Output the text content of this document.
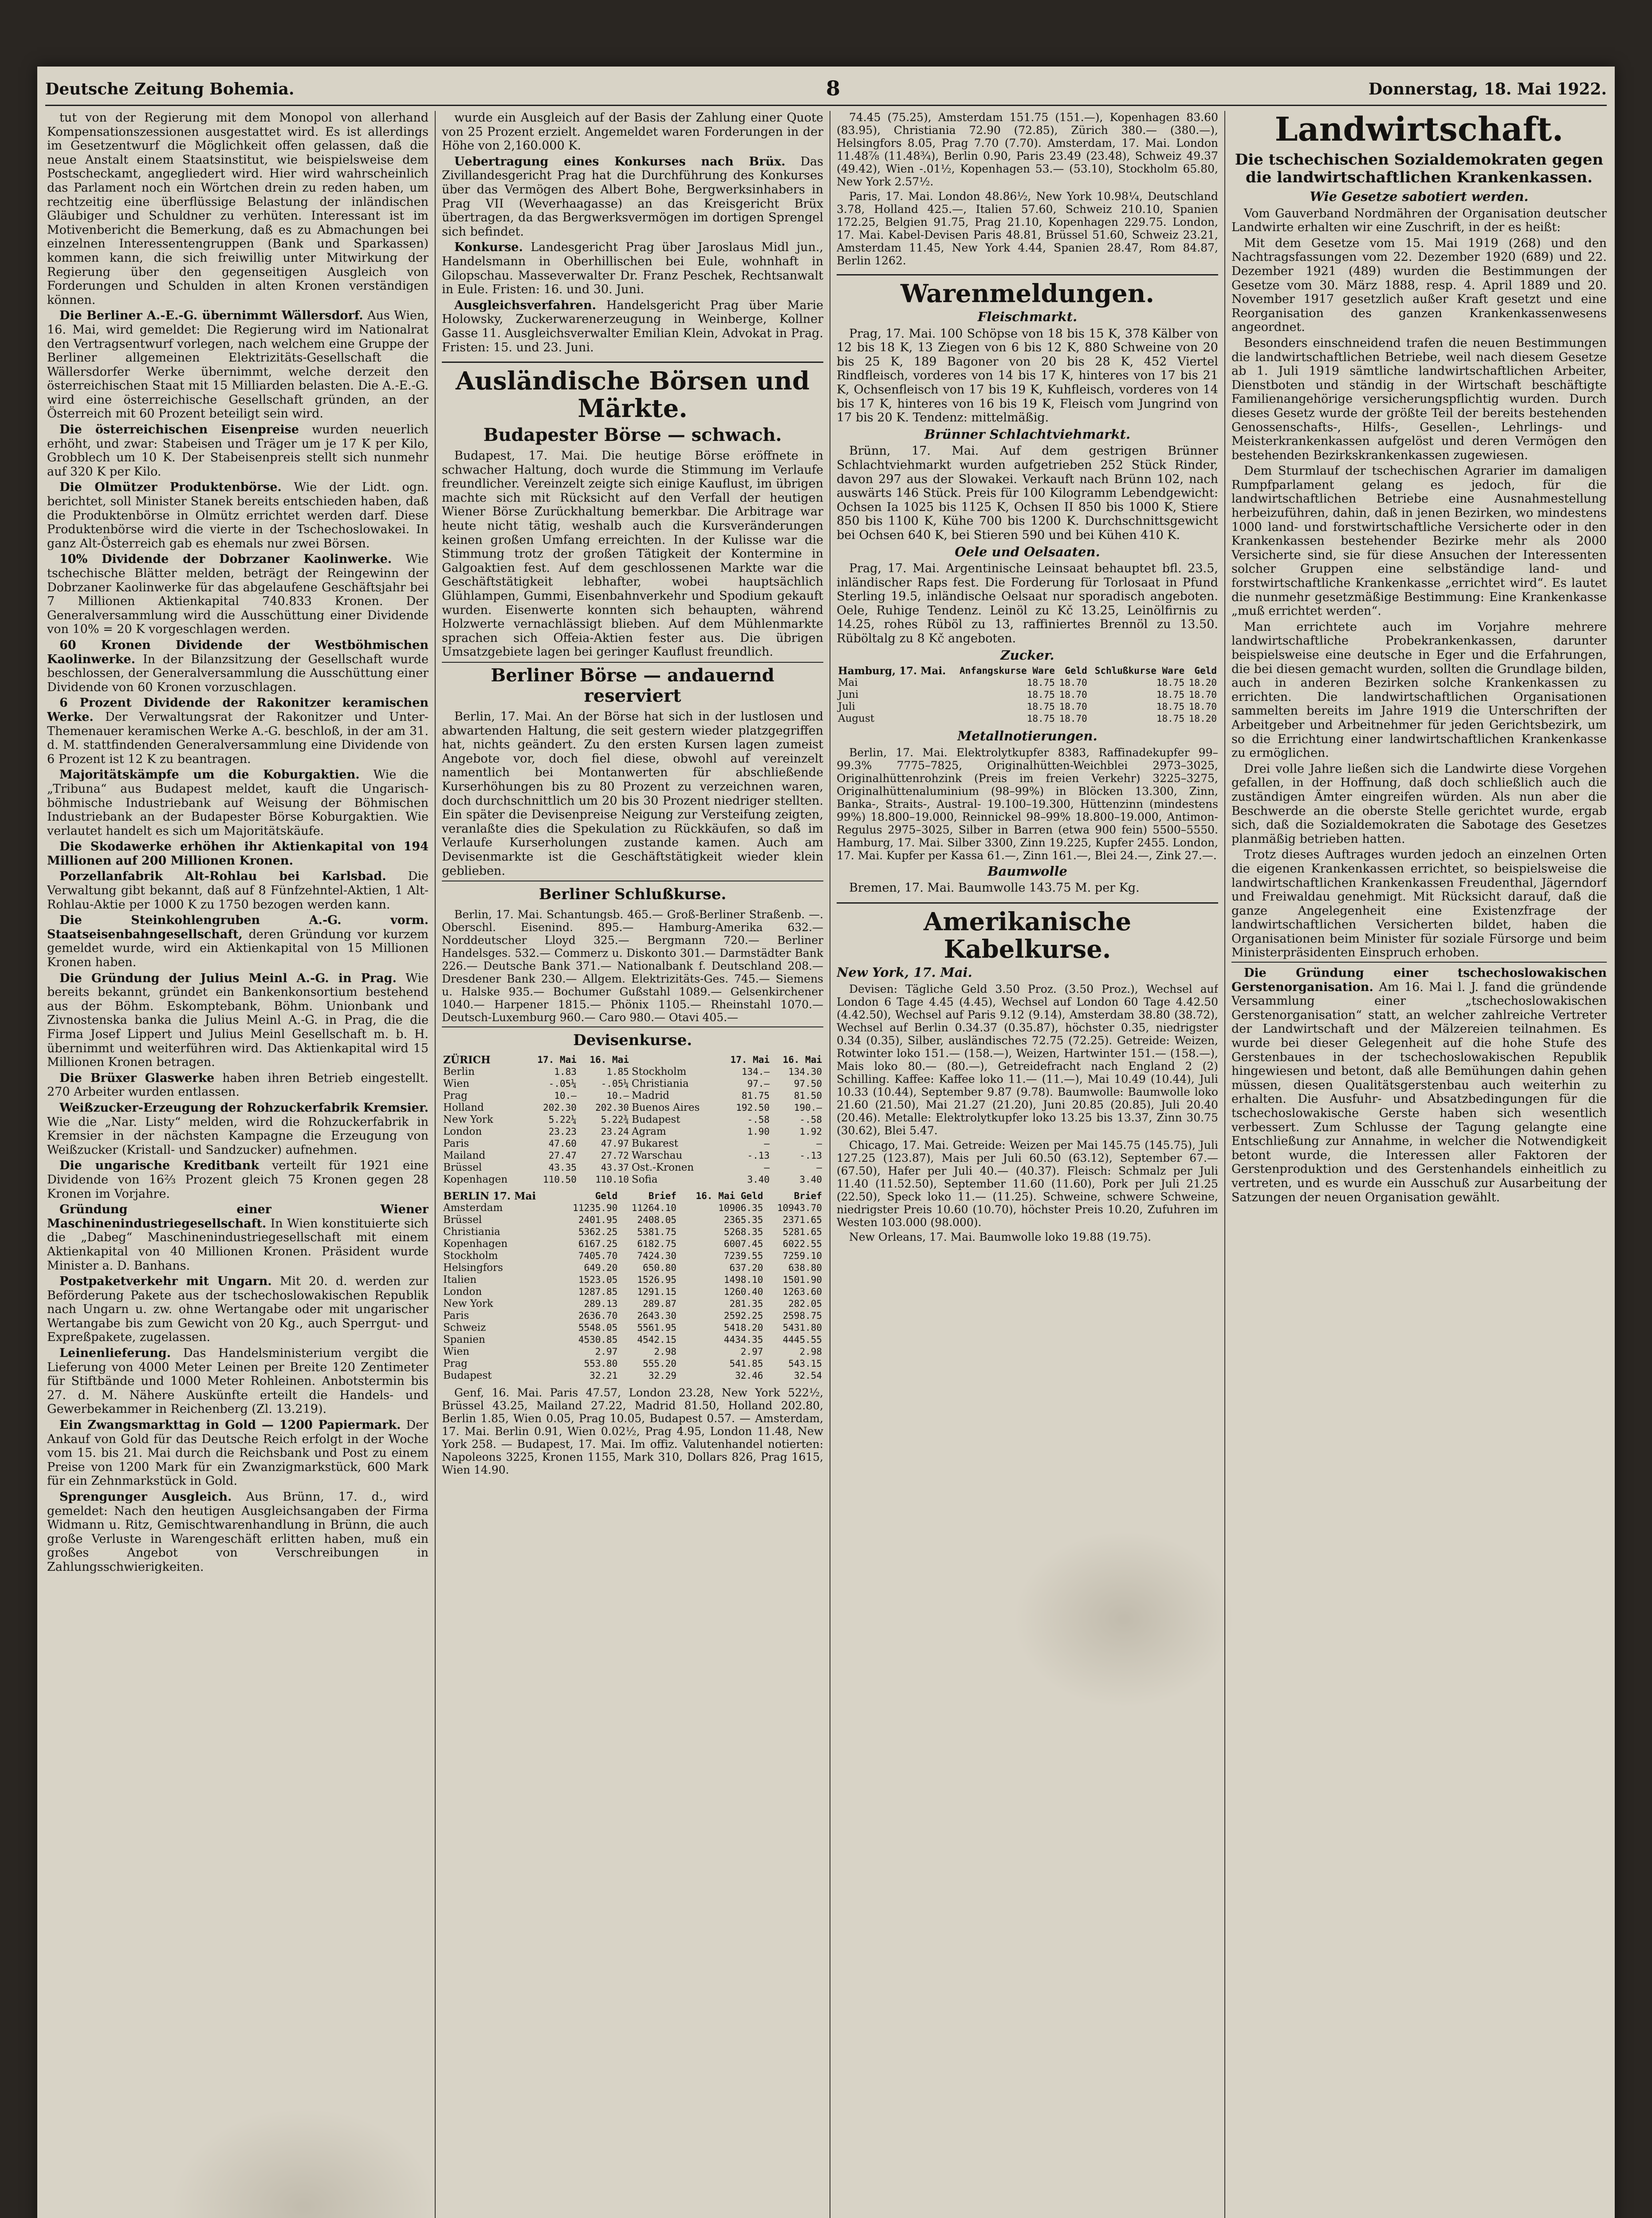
Deutsche Zeitung Bohemia.	8	Donnerstag, 18. Mai 1922.

tut von der Regierung mit dem Monopol von allerhand Kompensationszessionen ausgestattet wird. Es ist allerdings im Gesetzentwurf die Möglichkeit offen gelassen, daß die neue Anstalt einem Staatsinstitut, wie beispielsweise dem Postscheckamt, angegliedert wird. Hier wird wahrscheinlich das Parlament noch ein Wörtchen drein zu reden haben, um rechtzeitig eine überflüssige Belastung der inländischen Gläubiger und Schuldner zu verhüten. Interessant ist im Motivenbericht die Bemerkung, daß es zu Abmachungen bei einzelnen Interessentengruppen (Bank und Sparkassen) kommen kann, die sich freiwillig unter Mitwirkung der Regierung über den gegenseitigen Ausgleich von Forderungen und Schulden in alten Kronen verständigen können.

Die Berliner A.-E.-G. übernimmt Wällersdorf. Aus Wien, 16. Mai, wird gemeldet: Die Regierung wird im Nationalrat den Vertragsentwurf vorlegen, nach welchem eine Gruppe der Berliner allgemeinen Elektrizitäts-Gesellschaft die Wällersdorfer Werke übernimmt, welche derzeit den österreichischen Staat mit 15 Milliarden belasten. Die A.-E.-G. wird eine österreichische Gesellschaft gründen, an der Österreich mit 60 Prozent beteiligt sein wird.

Die österreichischen Eisenpreise wurden neuerlich erhöht, und zwar: Stabeisen und Träger um je 17 K per Kilo, Grobblech um 10 K. Der Stabeisenpreis stellt sich nunmehr auf 320 K per Kilo.

Die Olmützer Produktenbörse. Wie der Lidt. ogn. berichtet, soll Minister Stanek bereits entschieden haben, daß die Produktenbörse in Olmütz errichtet werden darf. Diese Produktenbörse wird die vierte in der Tschechoslowakei. In ganz Alt-Österreich gab es ehemals nur zwei Börsen.

10% Dividende der Dobrzaner Kaolinwerke. Wie tschechische Blätter melden, beträgt der Reingewinn der Dobrzaner Kaolinwerke für das abgelaufene Geschäftsjahr bei 7 Millionen Aktienkapital 740.833 Kronen. Der Generalversammlung wird die Ausschüttung einer Dividende von 10% = 20 K vorgeschlagen werden.

60 Kronen Dividende der Westböhmischen Kaolinwerke. In der Bilanzsitzung der Gesellschaft wurde beschlossen, der Generalversammlung die Ausschüttung einer Dividende von 60 Kronen vorzuschlagen.

6 Prozent Dividende der Rakonitzer keramischen Werke. Der Verwaltungsrat der Rakonitzer und Unter-Themenauer keramischen Werke A.-G. beschloß, in der am 31. d. M. stattfindenden Generalversammlung eine Dividende von 6 Prozent ist 12 K zu beantragen.

Majoritätskämpfe um die Koburgaktien. Wie die „Tribuna“ aus Budapest meldet, kauft die Ungarisch-böhmische Industriebank auf Weisung der Böhmischen Industriebank an der Budapester Börse Koburgaktien. Wie verlautet handelt es sich um Majoritätskäufe.

Die Skodawerke erhöhen ihr Aktienkapital von 194 Millionen auf 200 Millionen Kronen.

Porzellanfabrik Alt-Rohlau bei Karlsbad. Die Verwaltung gibt bekannt, daß auf 8 Fünfzehntel-Aktien, 1 Alt-Rohlau-Aktie per 1000 K zu 1750 bezogen werden kann.

Die Steinkohlengruben A.-G. vorm. Staatseisenbahngesellschaft, deren Gründung vor kurzem gemeldet wurde, wird ein Aktienkapital von 15 Millionen Kronen haben.

Die Gründung der Julius Meinl A.-G. in Prag. Wie bereits bekannt, gründet ein Bankenkonsortium bestehend aus der Böhm. Eskomptebank, Böhm. Unionbank und Zivnostenska banka die Julius Meinl A.-G. in Prag, die die Firma Josef Lippert und Julius Meinl Gesellschaft m. b. H. übernimmt und weiterführen wird. Das Aktienkapital wird 15 Millionen Kronen betragen.

Die Brüxer Glaswerke haben ihren Betrieb eingestellt. 270 Arbeiter wurden entlassen.

Weißzucker-Erzeugung der Rohzuckerfabrik Kremsier. Wie die „Nar. Listy“ melden, wird die Rohzuckerfabrik in Kremsier in der nächsten Kampagne die Erzeugung von Weißzucker (Kristall- und Sandzucker) aufnehmen.

Die ungarische Kreditbank verteilt für 1921 eine Dividende von 16⅔ Prozent gleich 75 Kronen gegen 28 Kronen im Vorjahre.

Gründung einer Wiener Maschinenindustriegesellschaft. In Wien konstituierte sich die „Dabeg“ Maschinenindustriegesellschaft mit einem Aktienkapital von 40 Millionen Kronen. Präsident wurde Minister a. D. Banhans.

Postpaketverkehr mit Ungarn. Mit 20. d. werden zur Beförderung Pakete aus der tschechoslowakischen Republik nach Ungarn u. zw. ohne Wertangabe oder mit ungarischer Wertangabe bis zum Gewicht von 20 Kg., auch Sperrgut- und Expreßpakete, zugelassen.

Leinenlieferung. Das Handelsministerium vergibt die Lieferung von 4000 Meter Leinen per Breite 120 Zentimeter für Stiftbände und 1000 Meter Rohleinen. Anbotstermin bis 27. d. M. Nähere Auskünfte erteilt die Handels- und Gewerbekammer in Reichenberg (Zl. 13.219).

Ein Zwangsmarkttag in Gold — 1200 Papiermark. Der Ankauf von Gold für das Deutsche Reich erfolgt in der Woche vom 15. bis 21. Mai durch die Reichsbank und Post zu einem Preise von 1200 Mark für ein Zwanzigmarkstück, 600 Mark für ein Zehnmarkstück in Gold.

Sprengunger Ausgleich. Aus Brünn, 17. d., wird gemeldet: Nach den heutigen Ausgleichsangaben der Firma Widmann u. Ritz, Gemischtwarenhandlung in Brünn, die auch große Verluste in Warengeschäft erlitten haben, muß ein großes Angebot von Verschreibungen in Zahlungsschwierigkeiten.

wurde ein Ausgleich auf der Basis der Zahlung einer Quote von 25 Prozent erzielt. Angemeldet waren Forderungen in der Höhe von 2,160.000 K.

Uebertragung eines Konkurses nach Brüx. Das Zivillandesgericht Prag hat die Durchführung des Konkurses über das Vermögen des Albert Bohe, Bergwerksinhabers in Prag VII (Weverhaagasse) an das Kreisgericht Brüx übertragen, da das Bergwerksvermögen im dortigen Sprengel sich befindet.

Konkurse. Landesgericht Prag über Jaroslaus Midl jun., Handelsmann in Oberhillischen bei Eule, wohnhaft in Gilopschau. Masseverwalter Dr. Franz Peschek, Rechtsanwalt in Eule. Fristen: 16. und 30. Juni.

Ausgleichsverfahren. Handelsgericht Prag über Marie Holowsky, Zuckerwarenerzeugung in Weinberge, Kollner Gasse 11. Ausgleichsverwalter Emilian Klein, Advokat in Prag. Fristen: 15. und 23. Juni.

Ausländische Börsen und Märkte.
Budapester Börse — schwach.

Budapest, 17. Mai. Die heutige Börse eröffnete in schwacher Haltung, doch wurde die Stimmung im Verlaufe freundlicher. Vereinzelt zeigte sich einige Kauflust, im übrigen machte sich mit Rücksicht auf den Verfall der heutigen Wiener Börse Zurückhaltung bemerkbar. Die Arbitrage war heute nicht tätig, weshalb auch die Kursveränderungen keinen großen Umfang erreichten. In der Kulisse war die Stimmung trotz der großen Tätigkeit der Kontermine in Galgoaktien fest. Auf dem geschlossenen Markte war die Geschäftstätigkeit lebhafter, wobei hauptsächlich Glühlampen, Gummi, Eisenbahnverkehr und Spodium gekauft wurden. Eisenwerte konnten sich behaupten, während Holzwerte vernachlässigt blieben. Auf dem Mühlenmarkte sprachen sich Offeia-Aktien fester aus. Die übrigen Umsatzgebiete lagen bei geringer Kauflust freundlich.

Berliner Börse — andauernd reserviert

Berlin, 17. Mai. An der Börse hat sich in der lustlosen und abwartenden Haltung, die seit gestern wieder platzgegriffen hat, nichts geändert. Zu den ersten Kursen lagen zumeist Angebote vor, doch fiel diese, obwohl auf vereinzelt namentlich bei Montanwerten für abschließende Kurserhöhungen bis zu 80 Prozent zu verzeichnen waren, doch durchschnittlich um 20 bis 30 Prozent niedriger stellten. Ein später die Devisenpreise Neigung zur Versteifung zeigten, veranlaßte dies die Spekulation zu Rückkäufen, so daß im Verlaufe Kurserholungen zustande kamen. Auch am Devisenmarkte ist die Geschäftstätigkeit wieder klein geblieben.

Berliner Schlußkurse.

Berlin, 17. Mai. Schantungsb. 465.— Groß-Berliner Straßenb. —. Oberschl. Eisenind. 895.— Hamburg-Amerika 632.— Norddeutscher Lloyd 325.— Bergmann 720.— Berliner Handelsges. 532.— Commerz u. Diskonto 301.— Darmstädter Bank 226.— Deutsche Bank 371.— Nationalbank f. Deutschland 208.— Dresdener Bank 230.— Allgem. Elektrizitäts-Ges. 745.— Siemens u. Halske 935.— Bochumer Gußstahl 1089.— Gelsenkirchener 1040.— Harpener 1815.— Phönix 1105.— Rheinstahl 1070.— Deutsch-Luxemburg 960.— Caro 980.— Otavi 405.—

Devisenkurse.
ZÜRICH	17. Mai	16. Mai		17. Mai	16. Mai
Berlin	1.83	1.85	Stockholm	134.—	134.30
Wien	-.05¼	-.05¼	Christiania	97.—	97.50
Prag	10.—	10.—	Madrid	81.75	81.50
Holland	202.30	202.30	Buenos Aires	192.50	190.—
New York	5.22¼	5.22¾	Budapest	-.58	-.58
London	23.23	23.24	Agram	1.90	1.92
Paris	47.60	47.97	Bukarest	—	—
Mailand	27.47	27.72	Warschau	-.13	-.13
Brüssel	43.35	43.37	Ost.-Kronen	—	—
Kopenhagen	110.50	110.10	Sofia	3.40	3.40
BERLIN 17. Mai	Geld	Brief	16. Mai Geld	Brief
Amsterdam	11235.90	11264.10	10906.35	10943.70
Brüssel	2401.95	2408.05	2365.35	2371.65
Christiania	5362.25	5381.75	5268.35	5281.65
Kopenhagen	6167.25	6182.75	6007.45	6022.55
Stockholm	7405.70	7424.30	7239.55	7259.10
Helsingfors	649.20	650.80	637.20	638.80
Italien	1523.05	1526.95	1498.10	1501.90
London	1287.85	1291.15	1260.40	1263.60
New York	289.13	289.87	281.35	282.05
Paris	2636.70	2643.30	2592.25	2598.75
Schweiz	5548.05	5561.95	5418.20	5431.80
Spanien	4530.85	4542.15	4434.35	4445.55
Wien	2.97	2.98	2.97	2.98
Prag	553.80	555.20	541.85	543.15
Budapest	32.21	32.29	32.46	32.54

Genf, 16. Mai. Paris 47.57, London 23.28, New York 522½, Brüssel 43.25, Mailand 27.22, Madrid 81.50, Holland 202.80, Berlin 1.85, Wien 0.05, Prag 10.05, Budapest 0.57. — Amsterdam, 17. Mai. Berlin 0.91, Wien 0.02½, Prag 4.95, London 11.48, New York 258. — Budapest, 17. Mai. Im offiz. Valutenhandel notierten: Napoleons 3225, Kronen 1155, Mark 310, Dollars 826, Prag 1615, Wien 14.90.

74.45 (75.25), Amsterdam 151.75 (151.—), Kopenhagen 83.60 (83.95), Christiania 72.90 (72.85), Zürich 380.— (380.—), Helsingfors 8.05, Prag 7.70 (7.70). Amsterdam, 17. Mai. London 11.48⅞ (11.48¾), Berlin 0.90, Paris 23.49 (23.48), Schweiz 49.37 (49.42), Wien -.01½, Kopenhagen 53.— (53.10), Stockholm 65.80, New York 2.57½.

Paris, 17. Mai. London 48.86½, New York 10.98¼, Deutschland 3.78, Holland 425.—, Italien 57.60, Schweiz 210.10, Spanien 172.25, Belgien 91.75, Prag 21.10, Kopenhagen 229.75. London, 17. Mai. Kabel-Devisen Paris 48.81, Brüssel 51.60, Schweiz 23.21, Amsterdam 11.45, New York 4.44, Spanien 28.47, Rom 84.87, Berlin 1262.

Warenmeldungen.
Fleischmarkt.

Prag, 17. Mai. 100 Schöpse von 18 bis 15 K, 378 Kälber von 12 bis 18 K, 13 Ziegen von 6 bis 12 K, 880 Schweine von 20 bis 25 K, 189 Bagoner von 20 bis 28 K, 452 Viertel Rindfleisch, vorderes von 14 bis 17 K, hinteres von 17 bis 21 K, Ochsenfleisch von 17 bis 19 K, Kuhfleisch, vorderes von 14 bis 17 K, hinteres von 16 bis 19 K, Fleisch vom Jungrind von 17 bis 20 K. Tendenz: mittelmäßig.

Brünner Schlachtviehmarkt.

Brünn, 17. Mai. Auf dem gestrigen Brünner Schlachtviehmarkt wurden aufgetrieben 252 Stück Rinder, davon 297 aus der Slowakei. Verkauft nach Brünn 102, nach auswärts 146 Stück. Preis für 100 Kilogramm Lebendgewicht: Ochsen Ia 1025 bis 1125 K, Ochsen II 850 bis 1000 K, Stiere 850 bis 1100 K, Kühe 700 bis 1200 K. Durchschnittsgewicht bei Ochsen 640 K, bei Stieren 590 und bei Kühen 410 K.

Oele und Oelsaaten.

Prag, 17. Mai. Argentinische Leinsaat behauptet bfl. 23.5, inländischer Raps fest. Die Forderung für Torlosaat in Pfund Sterling 19.5, inländische Oelsaat nur sporadisch angeboten. Oele, Ruhige Tendenz. Leinöl zu Kč 13.25, Leinölfirnis zu 14.25, rohes Rüböl zu 13, raffiniertes Brennöl zu 13.50. Rüböltalg zu 8 Kč angeboten.

Zucker.
Hamburg, 17. Mai.	Anfangskurse Ware	Geld	Schlußkurse Ware	Geld
Mai	18.75	18.70	18.75	18.20
Juni	18.75	18.70	18.75	18.70
Juli	18.75	18.70	18.75	18.70
August	18.75	18.70	18.75	18.20
Metallnotierungen.

Berlin, 17. Mai. Elektrolytkupfer 8383, Raffinadekupfer 99–99.3% 7775–7825, Originalhütten-Weichblei 2973–3025, Originalhüttenrohzink (Preis im freien Verkehr) 3225–3275, Originalhüttenaluminium (98–99%) in Blöcken 13.300, Zinn, Banka-, Straits-, Austral- 19.100–19.300, Hüttenzinn (mindestens 99%) 18.800–19.000, Reinnickel 98–99% 18.800–19.000, Antimon-Regulus 2975–3025, Silber in Barren (etwa 900 fein) 5500–5550. Hamburg, 17. Mai. Silber 3300, Zinn 19.225, Kupfer 2455. London, 17. Mai. Kupfer per Kassa 61.—, Zinn 161.—, Blei 24.—, Zink 27.—.

Baumwolle

Bremen, 17. Mai. Baumwolle 143.75 M. per Kg.

Amerikanische Kabelkurse.
New York, 17. Mai.

Devisen: Tägliche Geld 3.50 Proz. (3.50 Proz.), Wechsel auf London 6 Tage 4.45 (4.45), Wechsel auf London 60 Tage 4.42.50 (4.42.50), Wechsel auf Paris 9.12 (9.14), Amsterdam 38.80 (38.72), Wechsel auf Berlin 0.34.37 (0.35.87), höchster 0.35, niedrigster 0.34 (0.35), Silber, ausländisches 72.75 (72.25). Getreide: Weizen, Rotwinter loko 151.— (158.—), Weizen, Hartwinter 151.— (158.—), Mais loko 80.— (80.—), Getreidefracht nach England 2 (2) Schilling. Kaffee: Kaffee loko 11.— (11.—), Mai 10.49 (10.44), Juli 10.33 (10.44), September 9.87 (9.78). Baumwolle: Baumwolle loko 21.60 (21.50), Mai 21.27 (21.20), Juni 20.85 (20.85), Juli 20.40 (20.46). Metalle: Elektrolytkupfer loko 13.25 bis 13.37, Zinn 30.75 (30.62), Blei 5.47.

Chicago, 17. Mai. Getreide: Weizen per Mai 145.75 (145.75), Juli 127.25 (123.87), Mais per Juli 60.50 (63.12), September 67.— (67.50), Hafer per Juli 40.— (40.37). Fleisch: Schmalz per Juli 11.40 (11.52.50), September 11.60 (11.60), Pork per Juli 21.25 (22.50), Speck loko 11.— (11.25). Schweine, schwere Schweine, niedrigster Preis 10.60 (10.70), höchster Preis 10.20, Zufuhren im Westen 103.000 (98.000).

New Orleans, 17. Mai. Baumwolle loko 19.88 (19.75).

Landwirtschaft.
Die tschechischen Sozialdemokraten gegen die landwirtschaftlichen Krankenkassen.
Wie Gesetze sabotiert werden.

Vom Gauverband Nordmähren der Organisation deutscher Landwirte erhalten wir eine Zuschrift, in der es heißt:

Mit dem Gesetze vom 15. Mai 1919 (268) und den Nachtragsfassungen vom 22. Dezember 1920 (689) und 22. Dezember 1921 (489) wurden die Bestimmungen der Gesetze vom 30. März 1888, resp. 4. April 1889 und 20. November 1917 gesetzlich außer Kraft gesetzt und eine Reorganisation des ganzen Krankenkassenwesens angeordnet.

Besonders einschneidend trafen die neuen Bestimmungen die landwirtschaftlichen Betriebe, weil nach diesem Gesetze ab 1. Juli 1919 sämtliche landwirtschaftlichen Arbeiter, Dienstboten und ständig in der Wirtschaft beschäftigte Familienangehörige versicherungspflichtig wurden. Durch dieses Gesetz wurde der größte Teil der bereits bestehenden Genossenschafts-, Hilfs-, Gesellen-, Lehrlings- und Meisterkrankenkassen aufgelöst und deren Vermögen den bestehenden Bezirkskrankenkassen zugewiesen.

Dem Sturmlauf der tschechischen Agrarier im damaligen Rumpfparlament gelang es jedoch, für die landwirtschaftlichen Betriebe eine Ausnahmestellung herbeizuführen, dahin, daß in jenen Bezirken, wo mindestens 1000 land- und forstwirtschaftliche Versicherte oder in den Krankenkassen bestehender Bezirke mehr als 2000 Versicherte sind, sie für diese Ansuchen der Interessenten solcher Gruppen eine selbständige land- und forstwirtschaftliche Krankenkasse „errichtet wird“. Es lautet die nunmehr gesetzmäßige Bestimmung: Eine Krankenkasse „muß errichtet werden“.

Man errichtete auch im Vorjahre mehrere landwirtschaftliche Probekrankenkassen, darunter beispielsweise eine deutsche in Eger und die Erfahrungen, die bei diesen gemacht wurden, sollten die Grundlage bilden, auch in anderen Bezirken solche Krankenkassen zu errichten. Die landwirtschaftlichen Organisationen sammelten bereits im Jahre 1919 die Unterschriften der Arbeitgeber und Arbeitnehmer für jeden Gerichtsbezirk, um so die Errichtung einer landwirtschaftlichen Krankenkasse zu ermöglichen.

Drei volle Jahre ließen sich die Landwirte diese Vorgehen gefallen, in der Hoffnung, daß doch schließlich auch die zuständigen Ämter eingreifen würden. Als nun aber die Beschwerde an die oberste Stelle gerichtet wurde, ergab sich, daß die Sozialdemokraten die Sabotage des Gesetzes planmäßig betrieben hatten.

Trotz dieses Auftrages wurden jedoch an einzelnen Orten die eigenen Krankenkassen errichtet, so beispielsweise die landwirtschaftlichen Krankenkassen Freudenthal, Jägerndorf und Freiwaldau genehmigt. Mit Rücksicht darauf, daß die ganze Angelegenheit eine Existenzfrage der landwirtschaftlichen Versicherten bildet, haben die Organisationen beim Minister für soziale Fürsorge und beim Ministerpräsidenten Einspruch erhoben.

Die Gründung einer tschechoslowakischen Gerstenorganisation. Am 16. Mai l. J. fand die gründende Versammlung einer „tschechoslowakischen Gerstenorganisation“ statt, an welcher zahlreiche Vertreter der Landwirtschaft und der Mälzereien teilnahmen. Es wurde bei dieser Gelegenheit auf die hohe Stufe des Gerstenbaues in der tschechoslowakischen Republik hingewiesen und betont, daß alle Bemühungen dahin gehen müssen, diesen Qualitätsgerstenbau auch weiterhin zu erhalten. Die Ausfuhr- und Absatzbedingungen für die tschechoslowakische Gerste haben sich wesentlich verbessert. Zum Schlusse der Tagung gelangte eine Entschließung zur Annahme, in welcher die Notwendigkeit betont wurde, die Interessen aller Faktoren der Gerstenproduktion und des Gerstenhandels einheitlich zu vertreten, und es wurde ein Ausschuß zur Ausarbeitung der Satzungen der neuen Organisation gewählt.
